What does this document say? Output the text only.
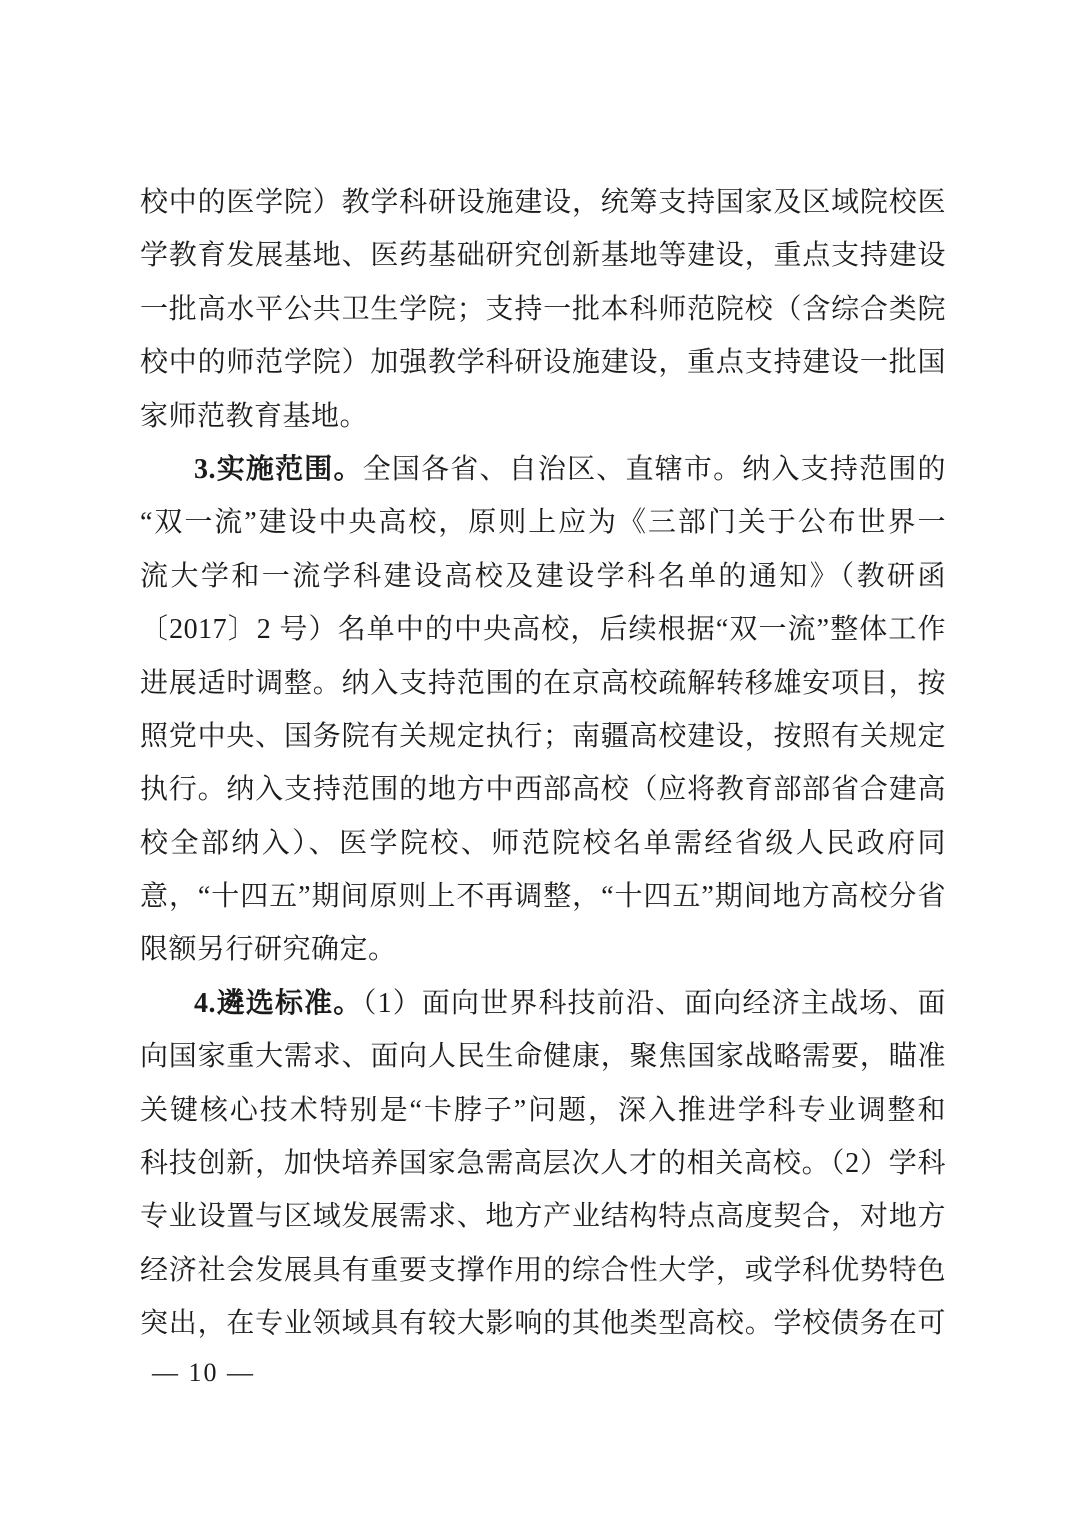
校中的医学院）教学科研设施建设，统筹支持国家及区域院校医
学教育发展基地、医药基础研究创新基地等建设，重点支持建设
一批高水平公共卫生学院；支持一批本科师范院校（含综合类院
校中的师范学院）加强教学科研设施建设，重点支持建设一批国
家师范教育基地。
3.实施范围。全国各省、自治区、直辖市。纳入支持范围的
“双一流”建设中央高校，原则上应为《三部门关于公布世界一
流大学和一流学科建设高校及建设学科名单的通知》（教研函
〔2017〕2 号）名单中的中央高校，后续根据“双一流”整体工作
进展适时调整。纳入支持范围的在京高校疏解转移雄安项目，按
照党中央、国务院有关规定执行；南疆高校建设，按照有关规定
执行。纳入支持范围的地方中西部高校（应将教育部部省合建高
校全部纳入）、医学院校、师范院校名单需经省级人民政府同
意，“十四五”期间原则上不再调整，“十四五”期间地方高校分省
限额另行研究确定。
4.遴选标准。（1）面向世界科技前沿、面向经济主战场、面
向国家重大需求、面向人民生命健康，聚焦国家战略需要，瞄准
关键核心技术特别是“卡脖子”问题，深入推进学科专业调整和
科技创新，加快培养国家急需高层次人才的相关高校。（2）学科
专业设置与区域发展需求、地方产业结构特点高度契合，对地方
经济社会发展具有重要支撑作用的综合性大学，或学科优势特色
突出，在专业领域具有较大影响的其他类型高校。学校债务在可
— 10 —
